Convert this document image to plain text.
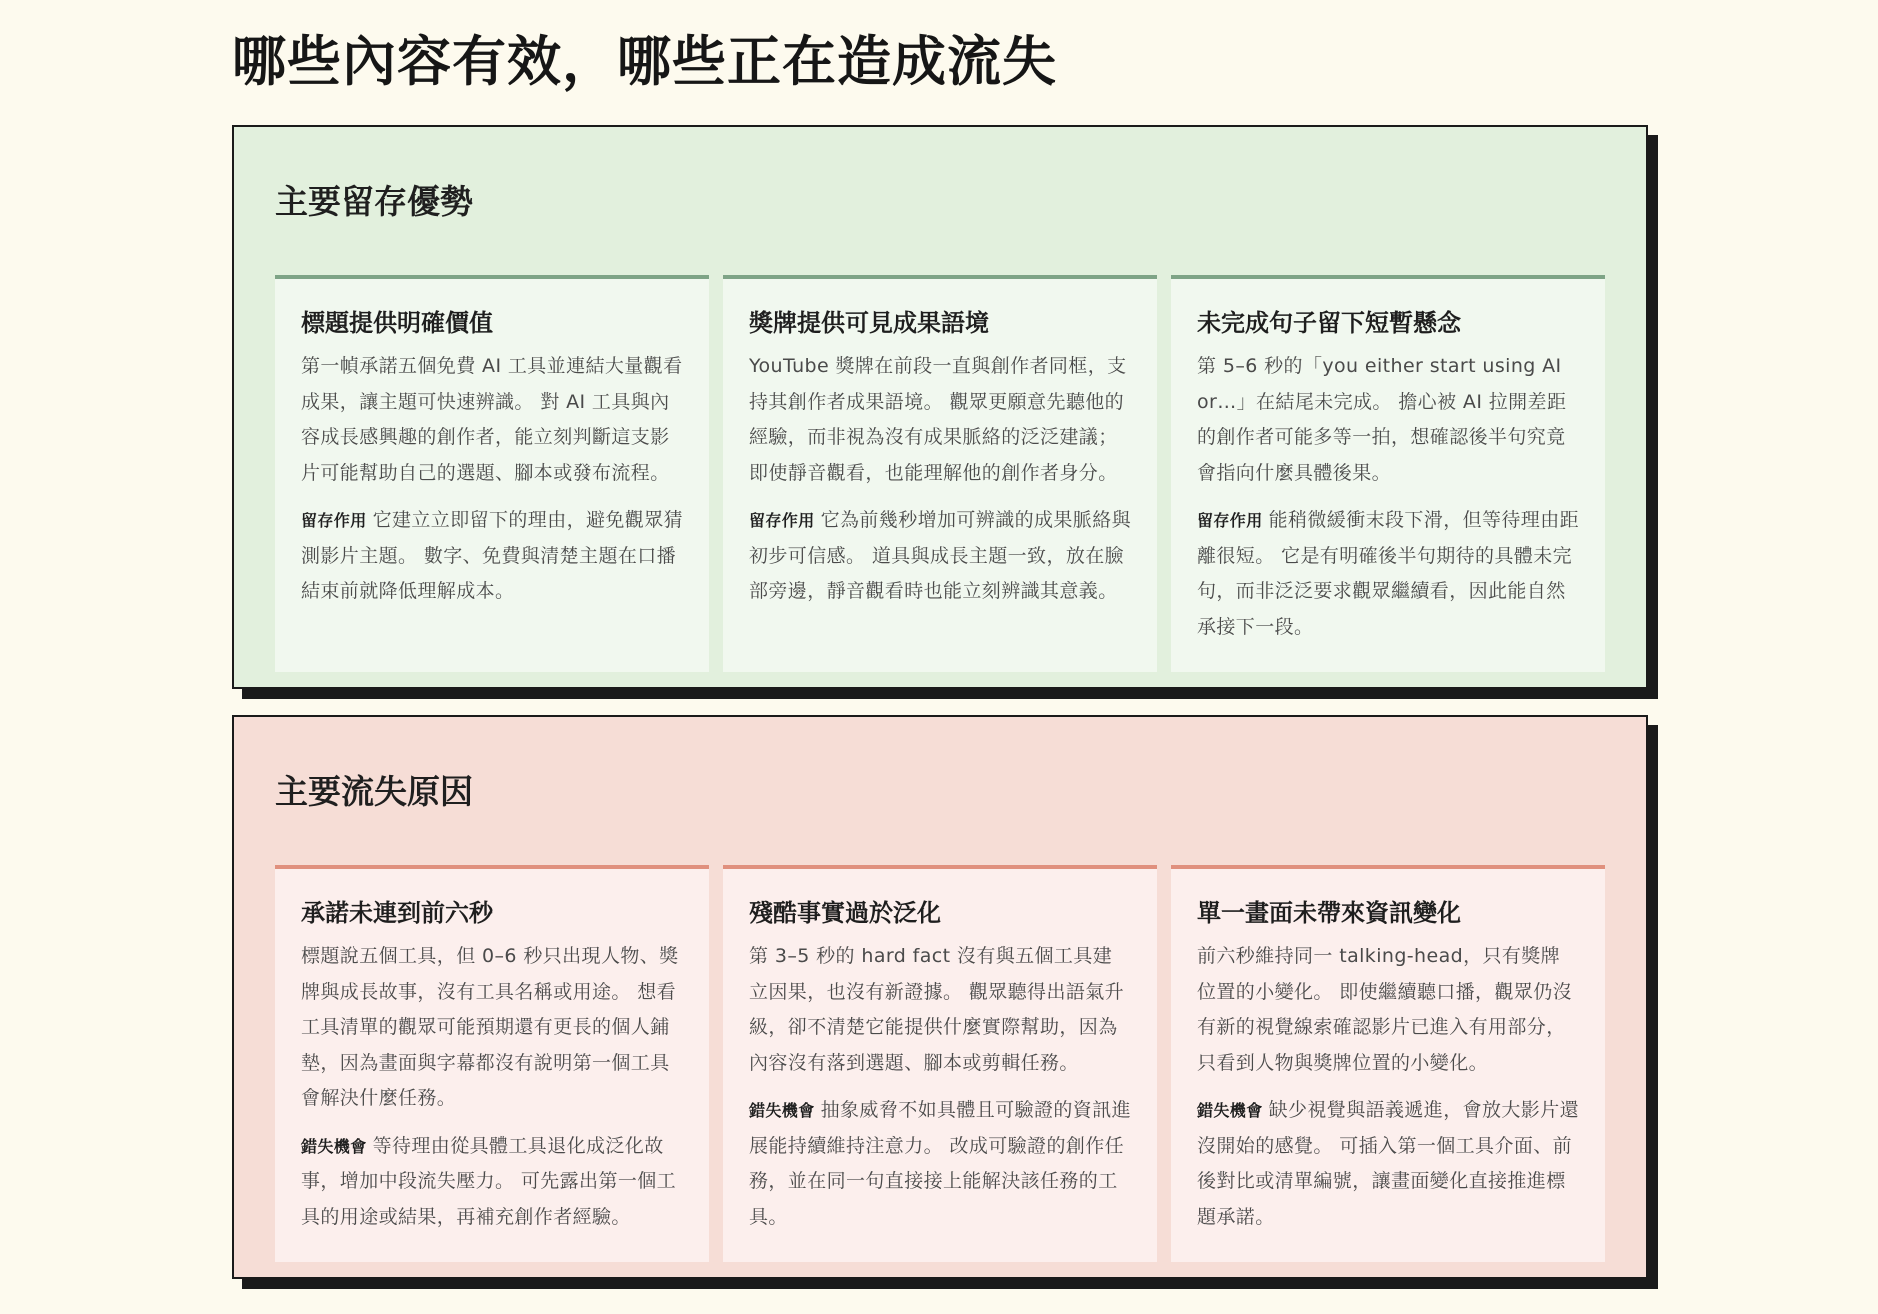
哪些內容有效，哪些正在造成流失
主要留存優勢
標題提供明確價值

第一幀承諾五個免費 AI 工具並連結大量觀看成果，讓主題可快速辨識。 對 AI 工具與內容成長感興趣的創作者，能立刻判斷這支影片可能幫助自己的選題、腳本或發布流程。

留存作用 它建立立即留下的理由，避免觀眾猜測影片主題。 數字、免費與清楚主題在口播結束前就降低理解成本。

獎牌提供可見成果語境

YouTube 獎牌在前段一直與創作者同框，支持其創作者成果語境。 觀眾更願意先聽他的經驗，而非視為沒有成果脈絡的泛泛建議；即使靜音觀看，也能理解他的創作者身分。

留存作用 它為前幾秒增加可辨識的成果脈絡與初步可信感。 道具與成長主題一致，放在臉部旁邊，靜音觀看時也能立刻辨識其意義。

未完成句子留下短暫懸念

第 5–6 秒的「you either start using AI or…」在結尾未完成。 擔心被 AI 拉開差距的創作者可能多等一拍，想確認後半句究竟會指向什麼具體後果。

留存作用 能稍微緩衝末段下滑，但等待理由距離很短。 它是有明確後半句期待的具體未完句，而非泛泛要求觀眾繼續看，因此能自然承接下一段。

主要流失原因
承諾未連到前六秒

標題說五個工具，但 0–6 秒只出現人物、獎牌與成長故事，沒有工具名稱或用途。 想看工具清單的觀眾可能預期還有更長的個人鋪墊，因為畫面與字幕都沒有說明第一個工具會解決什麼任務。

錯失機會 等待理由從具體工具退化成泛化故事，增加中段流失壓力。 可先露出第一個工具的用途或結果，再補充創作者經驗。

殘酷事實過於泛化

第 3–5 秒的 hard fact 沒有與五個工具建立因果，也沒有新證據。 觀眾聽得出語氣升級，卻不清楚它能提供什麼實際幫助，因為內容沒有落到選題、腳本或剪輯任務。

錯失機會 抽象威脅不如具體且可驗證的資訊進展能持續維持注意力。 改成可驗證的創作任務，並在同一句直接接上能解決該任務的工具。

單一畫面未帶來資訊變化

前六秒維持同一 talking-head，只有獎牌位置的小變化。 即使繼續聽口播，觀眾仍沒有新的視覺線索確認影片已進入有用部分，只看到人物與獎牌位置的小變化。

錯失機會 缺少視覺與語義遞進，會放大影片還沒開始的感覺。 可插入第一個工具介面、前後對比或清單編號，讓畫面變化直接推進標題承諾。
